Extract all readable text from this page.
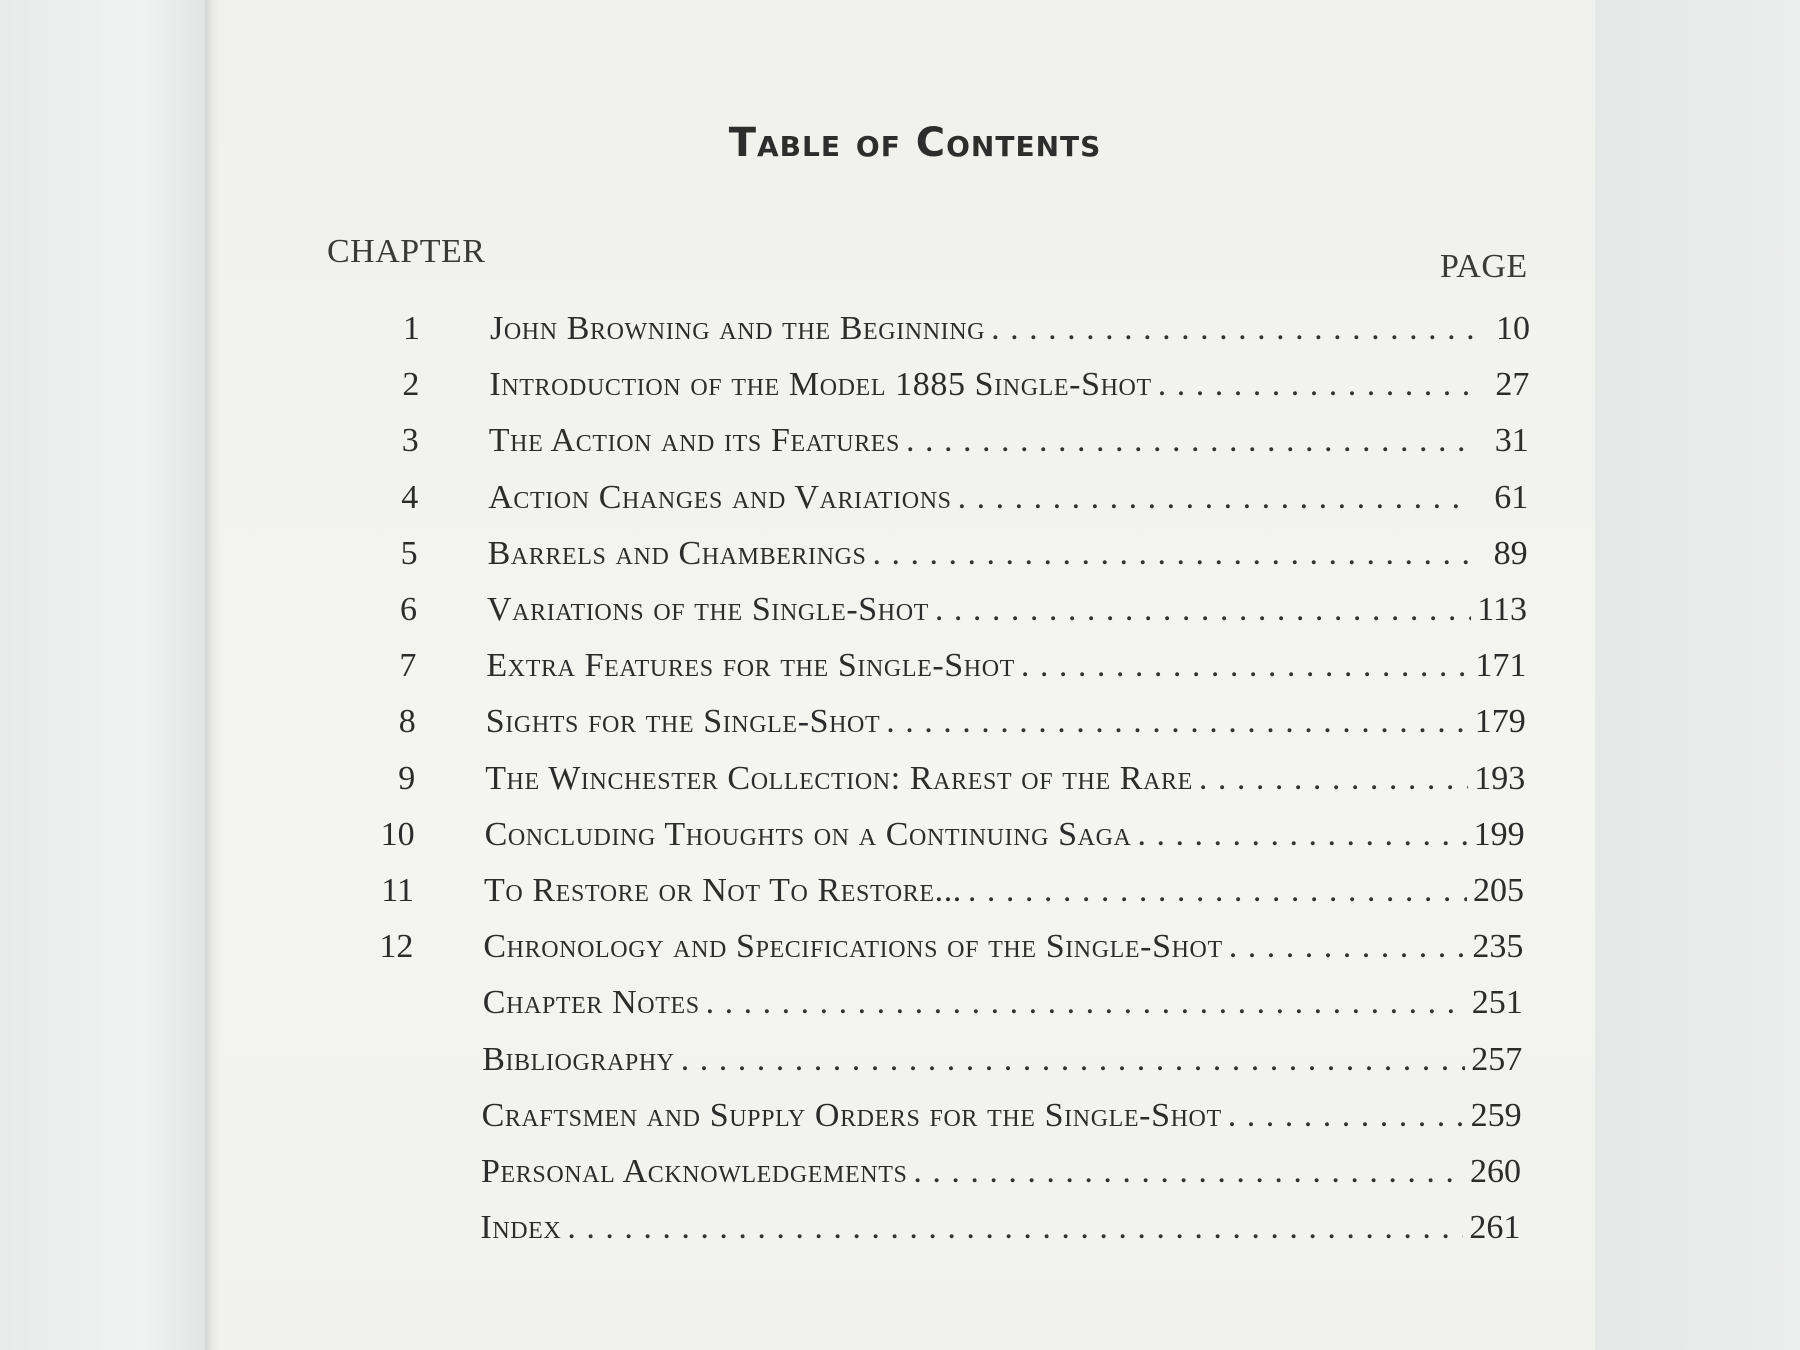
Table of Contents
CHAPTER	PAGE
1 John Browning and the Beginning . . .	10
2 Introduction of the Model 1885 Single-Shot . . .	27
3 The Action and its Features . . .	31
4 Action Changes and Variations . . .	61
5 Barrels and Chamberings . . .	89
6 Variations of the Single-Shot . . .	113
7 Extra Features for the Single-Shot . . .	171
8 Sights for the Single-Shot . . .	179
9 The Winchester Collection: Rarest of the Rare . . .	193
10 Concluding Thoughts on a Continuing Saga . . .	199
11 To Restore or Not To Restore... . . .	205
12 Chronology and Specifications of the Single-Shot . . .	235
Chapter Notes . . .	251
Bibliography . . .	257
Craftsmen and Supply Orders for the Single-Shot . . .	259
Personal Acknowledgements . . .	260
Index . . .	261
